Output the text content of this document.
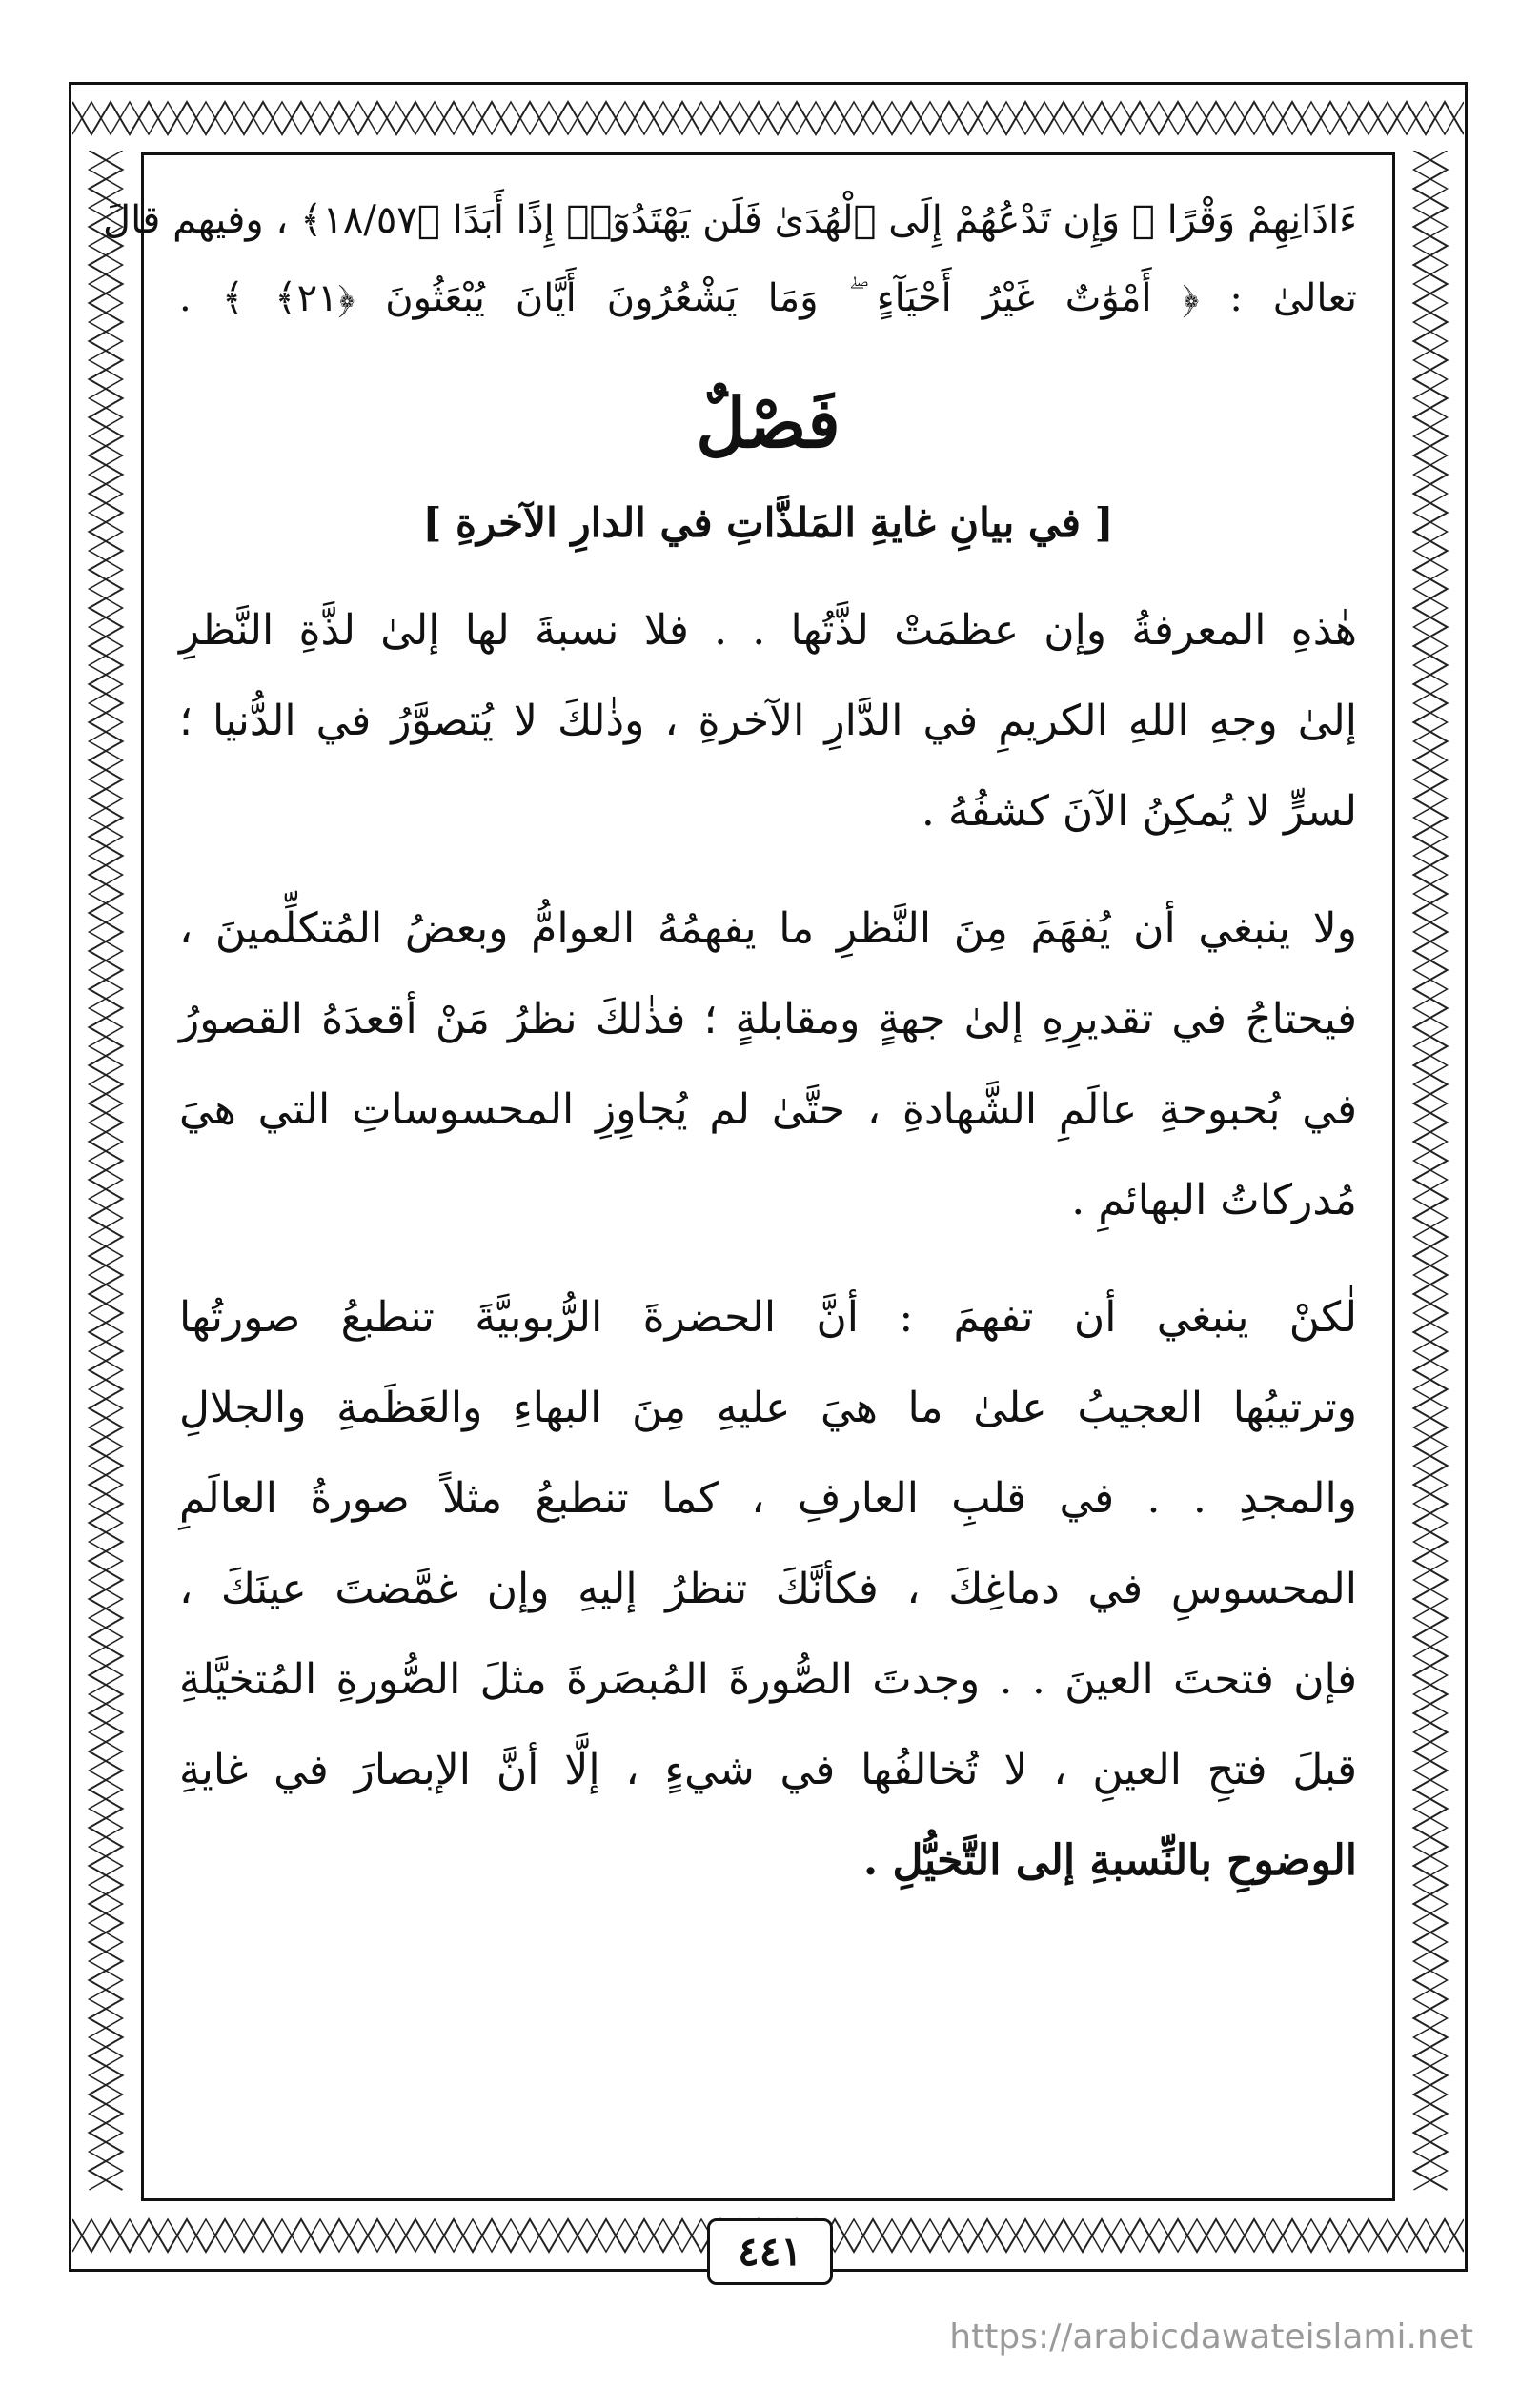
ءَاذَانِهِمْ وَقْرًا ۖ وَإِن تَدْعُهُمْ إِلَى ٱلْهُدَىٰ فَلَن يَهْتَدُوٓا۟ إِذًا أَبَدًا ﴿١٨/٥٧﴾ ، وفيهم قالَ
تعالىٰ : ﴿ أَمْوَٰتٌ غَيْرُ أَحْيَآءٍ ۖ وَمَا يَشْعُرُونَ أَيَّانَ يُبْعَثُونَ ﴿٢١﴾ ﴾ .
فَصْلٌ
[ في بيانِ غايةِ المَلذَّاتِ في الدارِ الآخرةِ ]
هٰذهِ المعرفةُ وإن عظمَتْ لذَّتُها . . فلا نسبةَ لها إلىٰ لذَّةِ النَّظرِ
إلىٰ وجهِ اللهِ الكريمِ في الدَّارِ الآخرةِ ، وذٰلكَ لا يُتصوَّرُ في الدُّنيا ؛
لسرٍّ لا يُمكِنُ الآنَ كشفُهُ .
ولا ينبغي أن يُفهَمَ مِنَ النَّظرِ ما يفهمُهُ العوامُّ وبعضُ المُتكلِّمينَ ،
فيحتاجُ في تقديرِهِ إلىٰ جهةٍ ومقابلةٍ ؛ فذٰلكَ نظرُ مَنْ أقعدَهُ القصورُ
في بُحبوحةِ عالَمِ الشَّهادةِ ، حتَّىٰ لم يُجاوِزِ المحسوساتِ التي هيَ
مُدركاتُ البهائمِ .
لٰكنْ ينبغي أن تفهمَ : أنَّ الحضرةَ الرُّبوبيَّةَ تنطبعُ صورتُها
وترتيبُها العجيبُ علىٰ ما هيَ عليهِ مِنَ البهاءِ والعَظَمةِ والجلالِ
والمجدِ . . في قلبِ العارفِ ، كما تنطبعُ مثلاً صورةُ العالَمِ
المحسوسِ في دماغِكَ ، فكأنَّكَ تنظرُ إليهِ وإن غمَّضتَ عينَكَ ،
فإن فتحتَ العينَ . . وجدتَ الصُّورةَ المُبصَرةَ مثلَ الصُّورةِ المُتخيَّلةِ
قبلَ فتحِ العينِ ، لا تُخالفُها في شيءٍ ، إلَّا أنَّ الإبصارَ في غايةِ
الوضوحِ بالنِّسبةِ إلى التَّخيُّلِ .
٤٤١
https://arabicdawateislami.net
